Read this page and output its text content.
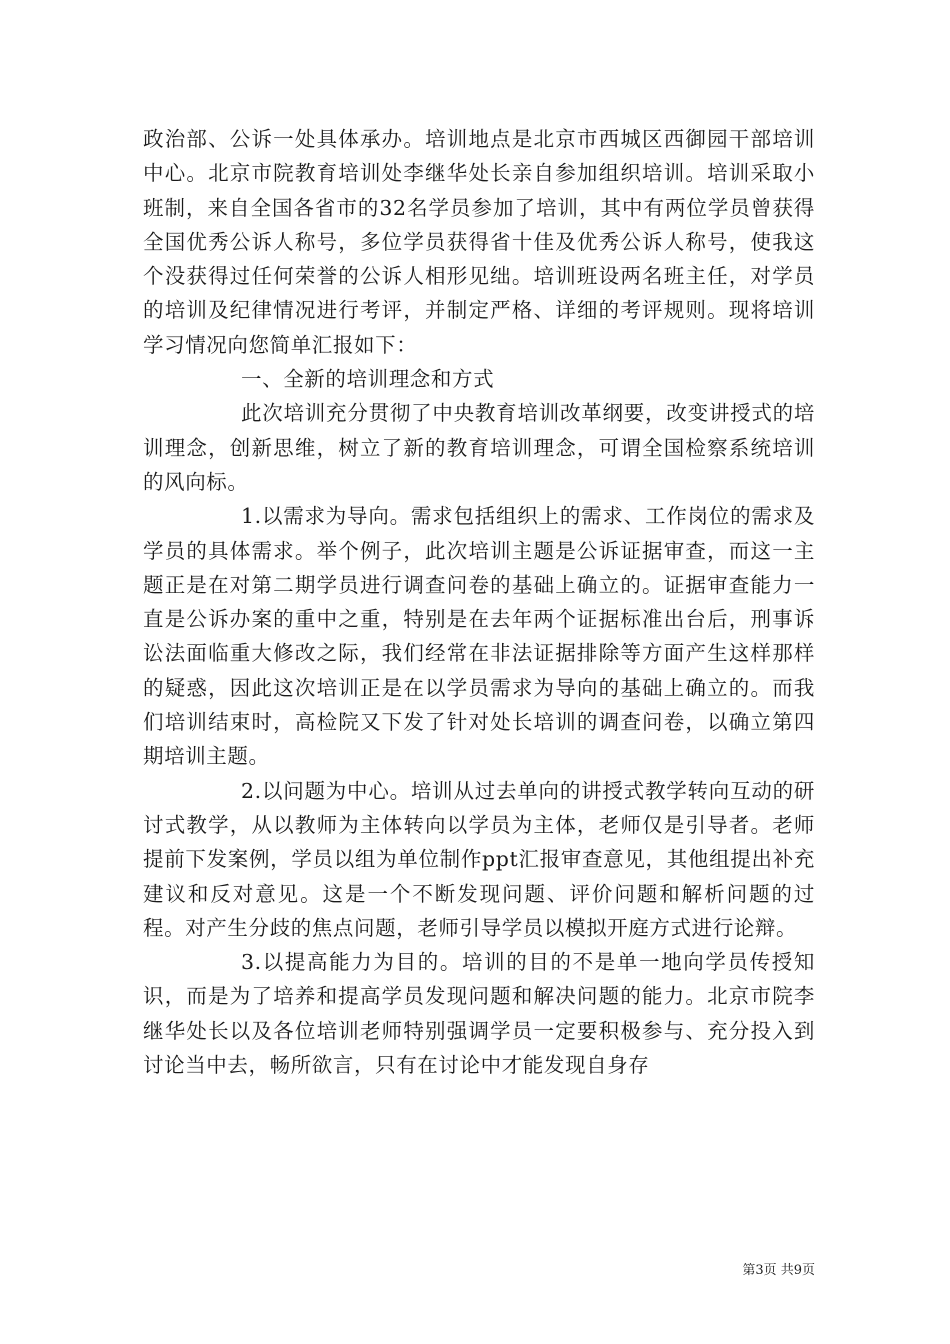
政治部、公诉一处具体承办。培训地点是北京市西城区西御园干部培训中心。北京市院教育培训处李继华处长亲自参加组织培训。培训采取小班制，来自全国各省市的32名学员参加了培训，其中有两位学员曾获得全国优秀公诉人称号，多位学员获得省十佳及优秀公诉人称号，使我这个没获得过任何荣誉的公诉人相形见绌。培训班设两名班主任，对学员的培训及纪律情况进行考评，并制定严格、详细的考评规则。现将培训学习情况向您简单汇报如下：

一、全新的培训理念和方式

此次培训充分贯彻了中央教育培训改革纲要，改变讲授式的培训理念，创新思维，树立了新的教育培训理念，可谓全国检察系统培训的风向标。

1.以需求为导向。需求包括组织上的需求、工作岗位的需求及学员的具体需求。举个例子，此次培训主题是公诉证据审查，而这一主题正是在对第二期学员进行调查问卷的基础上确立的。证据审查能力一直是公诉办案的重中之重，特别是在去年两个证据标准出台后，刑事诉讼法面临重大修改之际，我们经常在非法证据排除等方面产生这样那样的疑惑，因此这次培训正是在以学员需求为导向的基础上确立的。而我们培训结束时，高检院又下发了针对处长培训的调查问卷，以确立第四期培训主题。

2.以问题为中心。培训从过去单向的讲授式教学转向互动的研讨式教学，从以教师为主体转向以学员为主体，老师仅是引导者。老师提前下发案例，学员以组为单位制作ppt汇报审查意见，其他组提出补充建议和反对意见。这是一个不断发现问题、评价问题和解析问题的过程。对产生分歧的焦点问题，老师引导学员以模拟开庭方式进行论辩。

3.以提高能力为目的。培训的目的不是单一地向学员传授知识，而是为了培养和提高学员发现问题和解决问题的能力。北京市院李继华处长以及各位培训老师特别强调学员一定要积极参与、充分投入到讨论当中去，畅所欲言，只有在讨论中才能发现自身存

第3页 共9页
